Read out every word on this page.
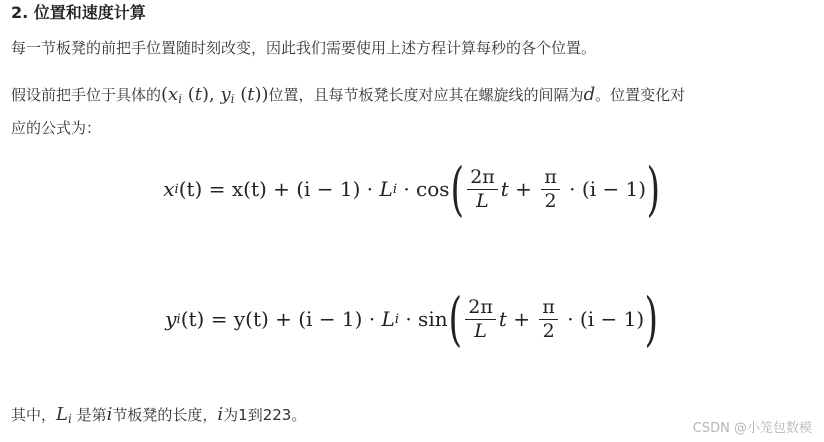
2. 位置和速度计算
每一节板凳的前把手位置随时刻改变，因此我们需要使用上述方程计算每秒的各个位置。
假设前把手位于具体的($x_i$ (t), $y_i$ (t))位置，且每节板凳长度对应其在螺旋线的间隔为d。位置变化对
应的公式为：
x i (t) = x(t) + (i − 1) · L i · cos ( $\frac{2\pi}{L}$ $t + \frac{\pi}{2} \cdot (i - 1)$ )
y i (t) = y(t) + (i − 1) · L i · sin ( $\frac{2\pi}{L}$ $t + \frac{\pi}{2} \cdot (i - 1)$ )
其中，$L_i$ 是第i节板凳的长度，i为1到223。
CSDN @小笼包数模
